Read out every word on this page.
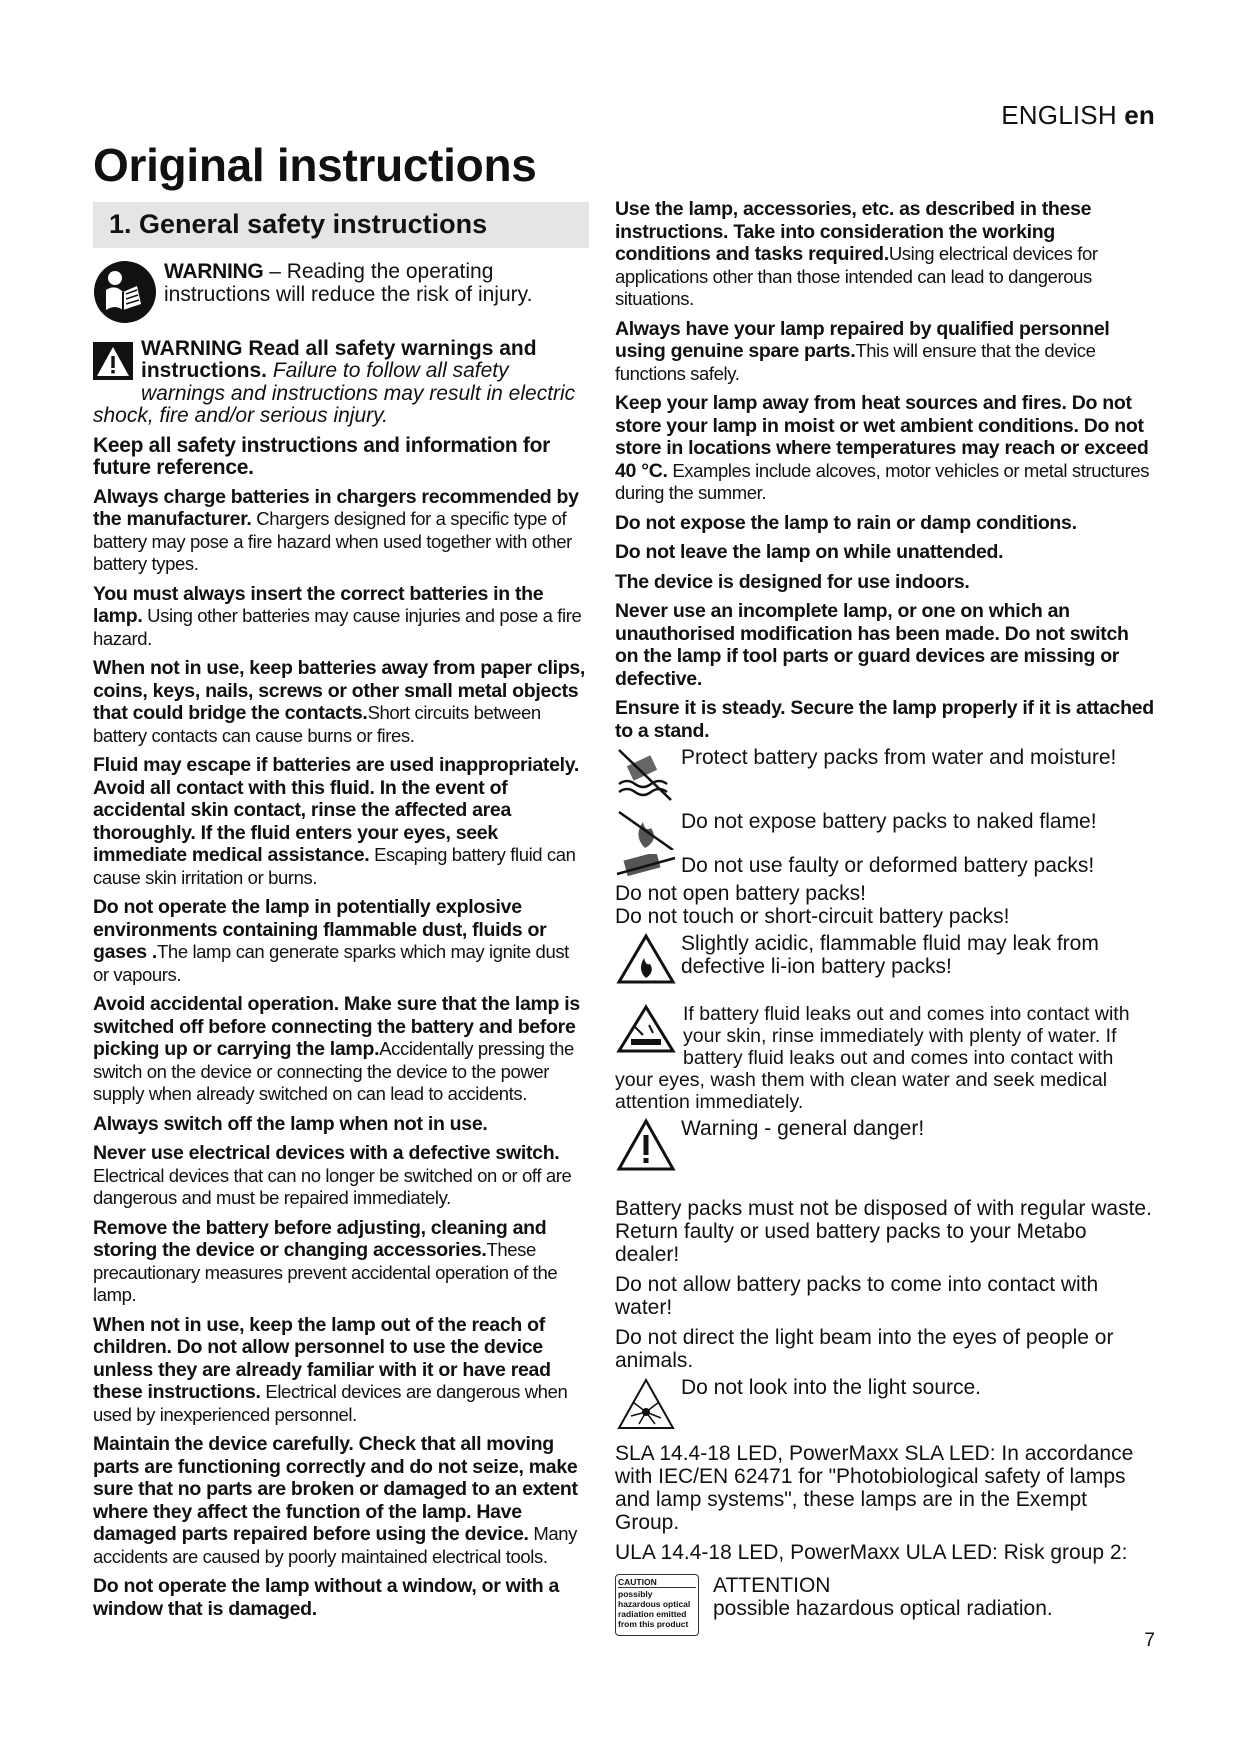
ENGLISH en
Original instructions
1. General safety instructions
WARNING – Reading the operating instructions will reduce the risk of injury.

WARNING Read all safety warnings and instructions. Failure to follow all safety warnings and instructions may result in electric shock, fire and/or serious injury.

Keep all safety instructions and information for future reference.

Always charge batteries in chargers recommended by the manufacturer. Chargers designed for a specific type of battery may pose a fire hazard when used together with other battery types.

You must always insert the correct batteries in the lamp. Using other batteries may cause injuries and pose a fire hazard.

When not in use, keep batteries away from paper clips, coins, keys, nails, screws or other small metal objects that could bridge the contacts.Short circuits between battery contacts can cause burns or fires.

Fluid may escape if batteries are used inappropriately. Avoid all contact with this fluid. In the event of accidental skin contact, rinse the affected area thoroughly. If the fluid enters your eyes, seek immediate medical assistance. Escaping battery fluid can cause skin irritation or burns.

Do not operate the lamp in potentially explosive environments containing flammable dust, fluids or gases .The lamp can generate sparks which may ignite dust or vapours.

Avoid accidental operation. Make sure that the lamp is switched off before connecting the battery and before picking up or carrying the lamp.Accidentally pressing the switch on the device or connecting the device to the power supply when already switched on can lead to accidents.

Always switch off the lamp when not in use.

Never use electrical devices with a defective switch. Electrical devices that can no longer be switched on or off are dangerous and must be repaired immediately.

Remove the battery before adjusting, cleaning and storing the device or changing accessories.These precautionary measures prevent accidental operation of the lamp.

When not in use, keep the lamp out of the reach of children. Do not allow personnel to use the device unless they are already familiar with it or have read these instructions. Electrical devices are dangerous when used by inexperienced personnel.

Maintain the device carefully. Check that all moving parts are functioning correctly and do not seize, make sure that no parts are broken or damaged to an extent where they affect the function of the lamp. Have damaged parts repaired before using the device. Many accidents are caused by poorly maintained electrical tools.

Do not operate the lamp without a window, or with a window that is damaged.

Use the lamp, accessories, etc. as described in these instructions. Take into consideration the working conditions and tasks required.Using electrical devices for applications other than those intended can lead to dangerous situations.

Always have your lamp repaired by qualified personnel using genuine spare parts.This will ensure that the device functions safely.

Keep your lamp away from heat sources and fires. Do not store your lamp in moist or wet ambient conditions. Do not store in locations where temperatures may reach or exceed 40 °C. Examples include alcoves, motor vehicles or metal structures during the summer.

Do not expose the lamp to rain or damp conditions.

Do not leave the lamp on while unattended.

The device is designed for use indoors.

Never use an incomplete lamp, or one on which an unauthorised modification has been made. Do not switch on the lamp if tool parts or guard devices are missing or defective.

Ensure it is steady. Secure the lamp properly if it is attached to a stand.

Protect battery packs from water and moisture!
Do not expose battery packs to naked flame!
Do not use faulty or deformed battery packs!
Do not open battery packs!
Do not touch or short-circuit battery packs!
Slightly acidic, flammable fluid may leak from defective li-ion battery packs!

If battery fluid leaks out and comes into contact with your skin, rinse immediately with plenty of water. If battery fluid leaks out and comes into contact with your eyes, wash them with clean water and seek medical attention immediately.

Warning - general danger!
Battery packs must not be disposed of with regular waste. Return faulty or used battery packs to your Metabo dealer!
Do not allow battery packs to come into contact with water!
Do not direct the light beam into the eyes of people or animals.
Do not look into the light source.
SLA 14.4-18 LED, PowerMaxx SLA LED: In accordance with IEC/EN 62471 for "Photobiological safety of lamps and lamp systems", these lamps are in the Exempt Group.
ULA 14.4-18 LED, PowerMaxx ULA LED: Risk group 2:
CAUTION
possibly hazardous optical radiation emitted from this product
ATTENTION
possible hazardous optical radiation.
7
